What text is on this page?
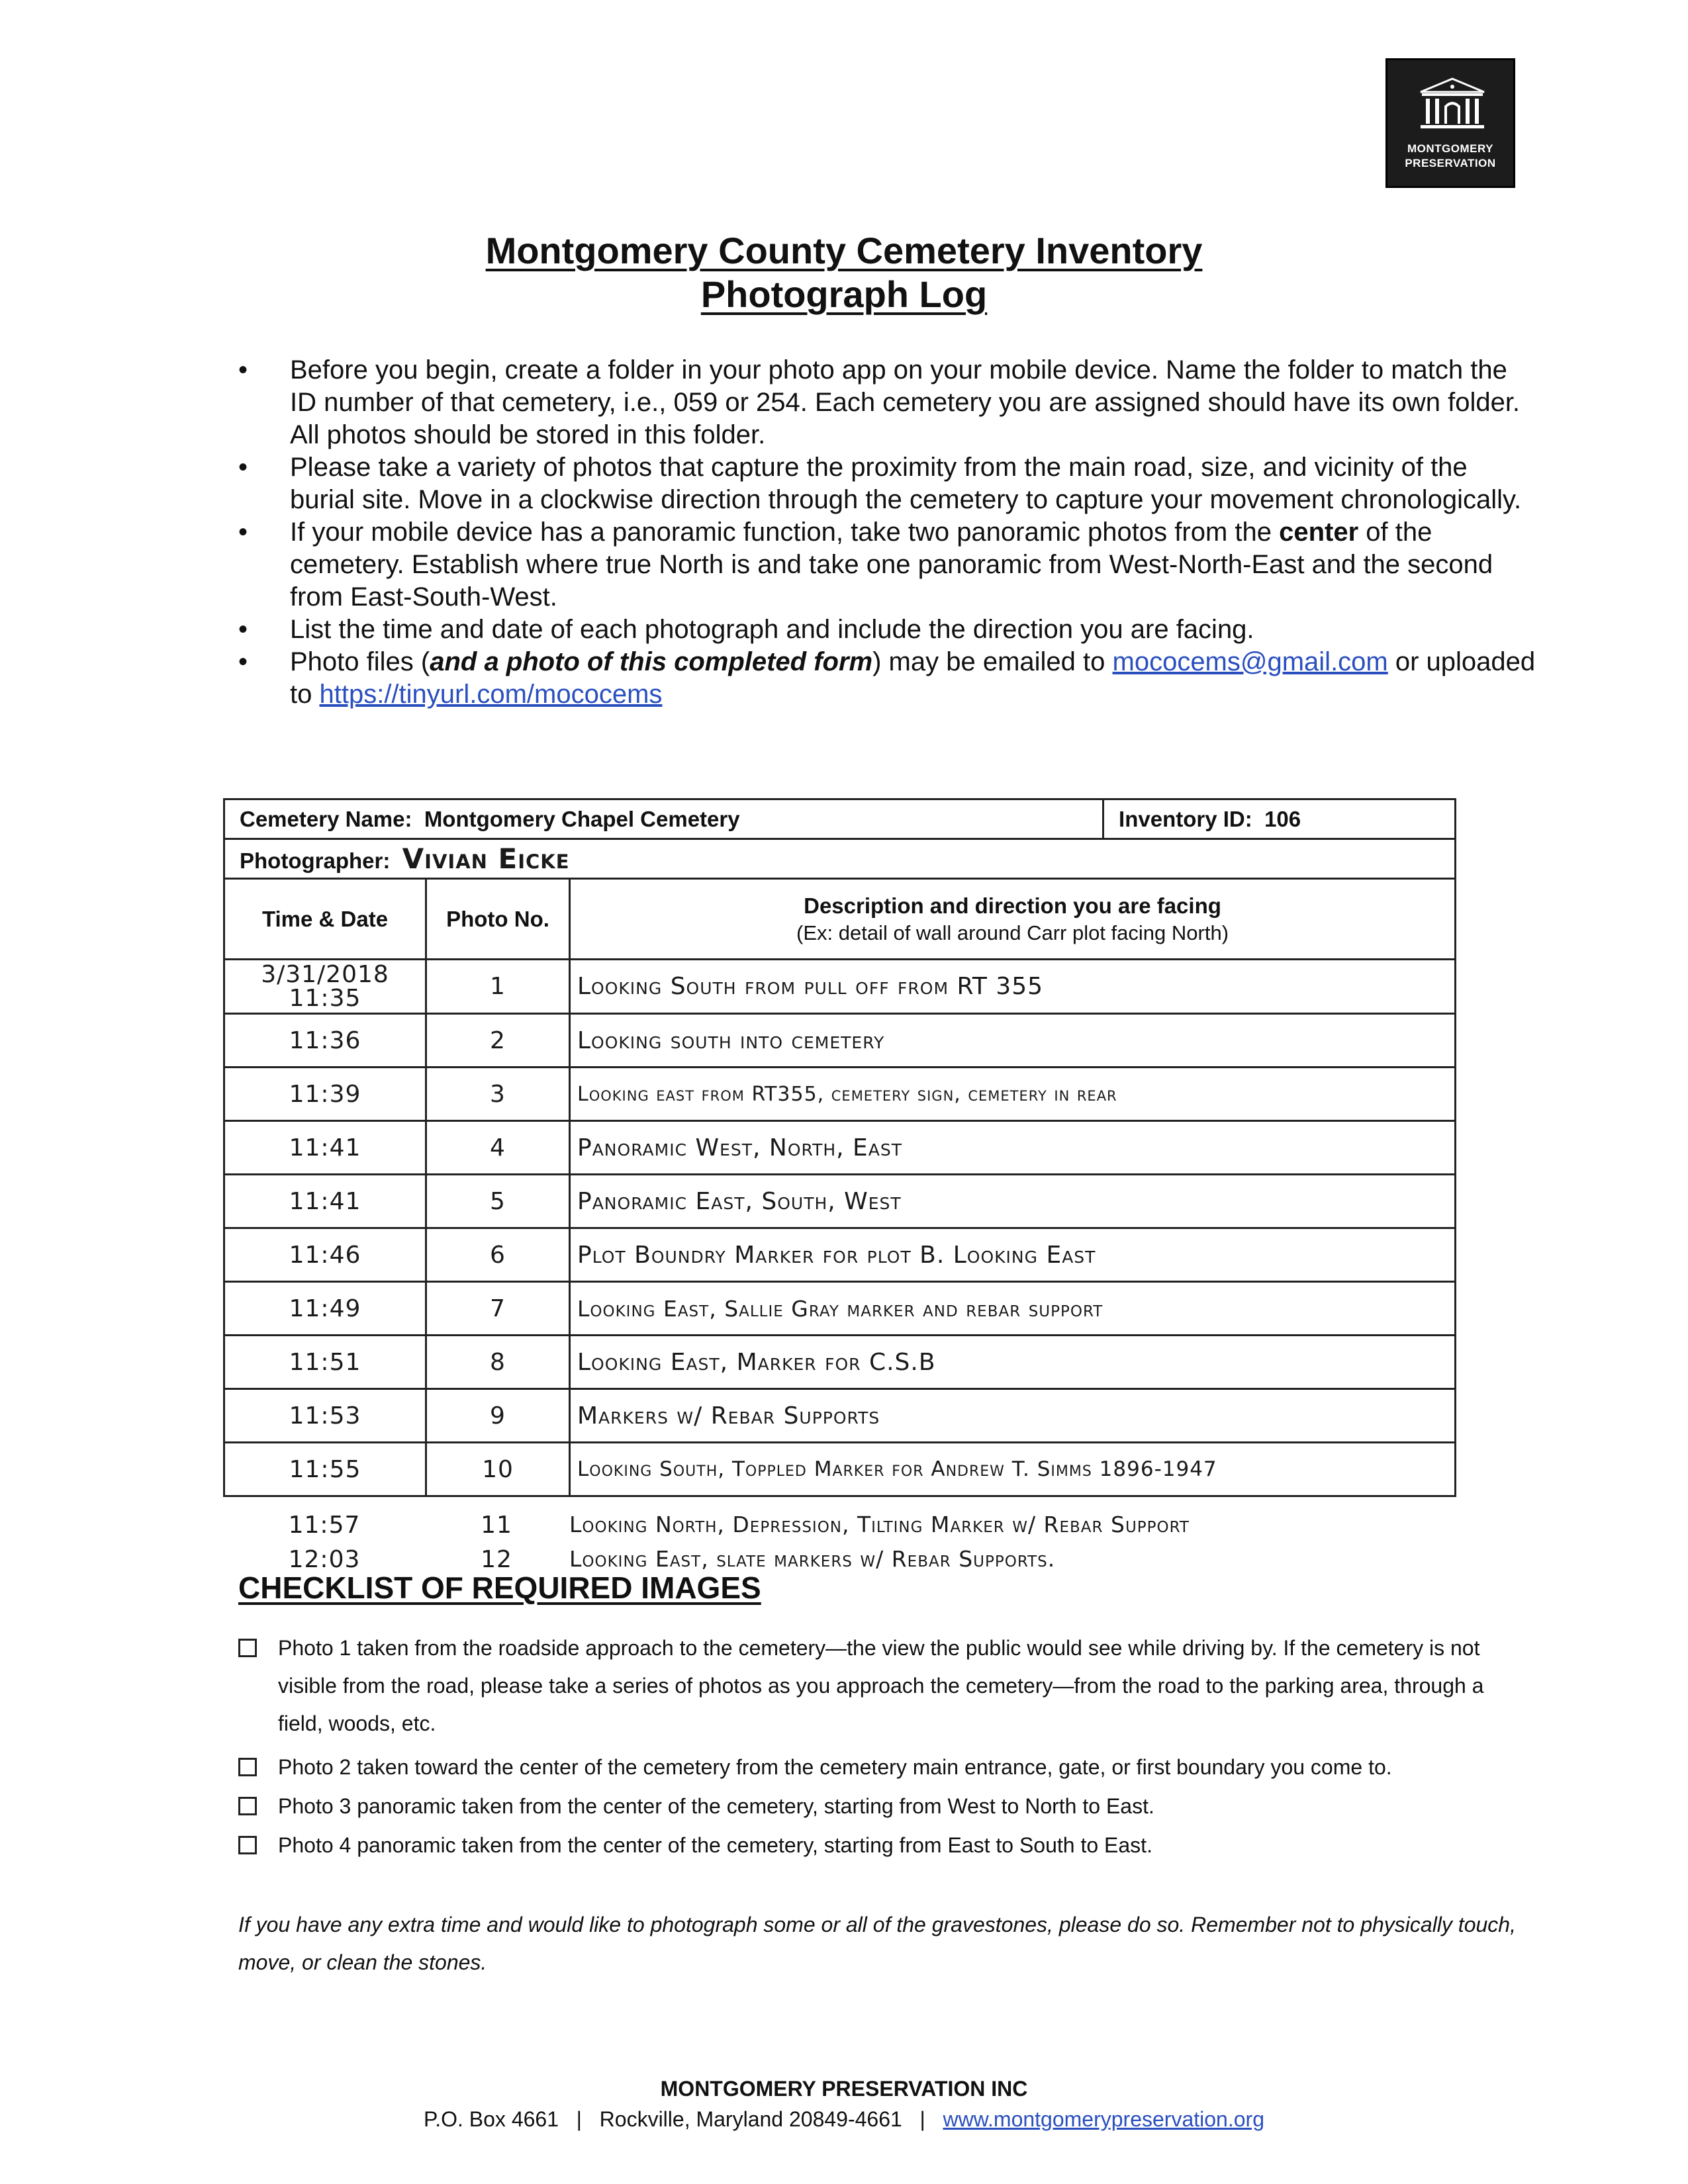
MONTGOMERY
PRESERVATION
Montgomery County Cemetery Inventory
Photograph Log
• Before you begin, create a folder in your photo app on your mobile device. Name the folder to match the ID number of that cemetery, i.e., 059 or 254. Each cemetery you are assigned should have its own folder. All photos should be stored in this folder.
• Please take a variety of photos that capture the proximity from the main road, size, and vicinity of the burial site. Move in a clockwise direction through the cemetery to capture your movement chronologically.
• If your mobile device has a panoramic function, take two panoramic photos from the center of the cemetery. Establish where true North is and take one panoramic from West-North-East and the second from East-South-West.
• List the time and date of each photograph and include the direction you are facing.
• Photo files (and a photo of this completed form) may be emailed to mococems@gmail.com or uploaded to https://tinyurl.com/mococems
Cemetery Name: Montgomery Chapel Cemetery			Inventory ID: 106
Photographer: Vivian Eicke			
Time & Date	Photo No.	Description and direction you are facing
(Ex: detail of wall around Carr plot facing North)	

3/31/2018
11:35	1	Looking South from pull off from RT 355	
11:36	2	Looking south into cemetery	
11:39	3	Looking east from RT355, cemetery sign, cemetery in rear	
11:41	4	Panoramic West, North, East	
11:41	5	Panoramic East, South, West	
11:46	6	Plot Boundry Marker for plot B. Looking East	
11:49	7	Looking East, Sallie Gray marker and rebar support	
11:51	8	Looking East, Marker for C.S.B	
11:53	9	Markers w/ Rebar Supports	
11:55	10	Looking South, Toppled Marker for Andrew T. Simms 1896-1947	
11:57	11	Looking North, Depression, Tilting Marker w/ Rebar Support
12:03	12	Looking East, slate markers w/ Rebar Supports.
CHECKLIST OF REQUIRED IMAGES
Photo 1 taken from the roadside approach to the cemetery—the view the public would see while driving by. If the cemetery is not visible from the road, please take a series of photos as you approach the cemetery—from the road to the parking area, through a field, woods, etc.
Photo 2 taken toward the center of the cemetery from the cemetery main entrance, gate, or first boundary you come to.
Photo 3 panoramic taken from the center of the cemetery, starting from West to North to East.
Photo 4 panoramic taken from the center of the cemetery, starting from East to South to East.
If you have any extra time and would like to photograph some or all of the gravestones, please do so. Remember not to physically touch, move, or clean the stones.
MONTGOMERY PRESERVATION INC
P.O. Box 4661   |   Rockville, Maryland 20849-4661   |   www.montgomerypreservation.org
